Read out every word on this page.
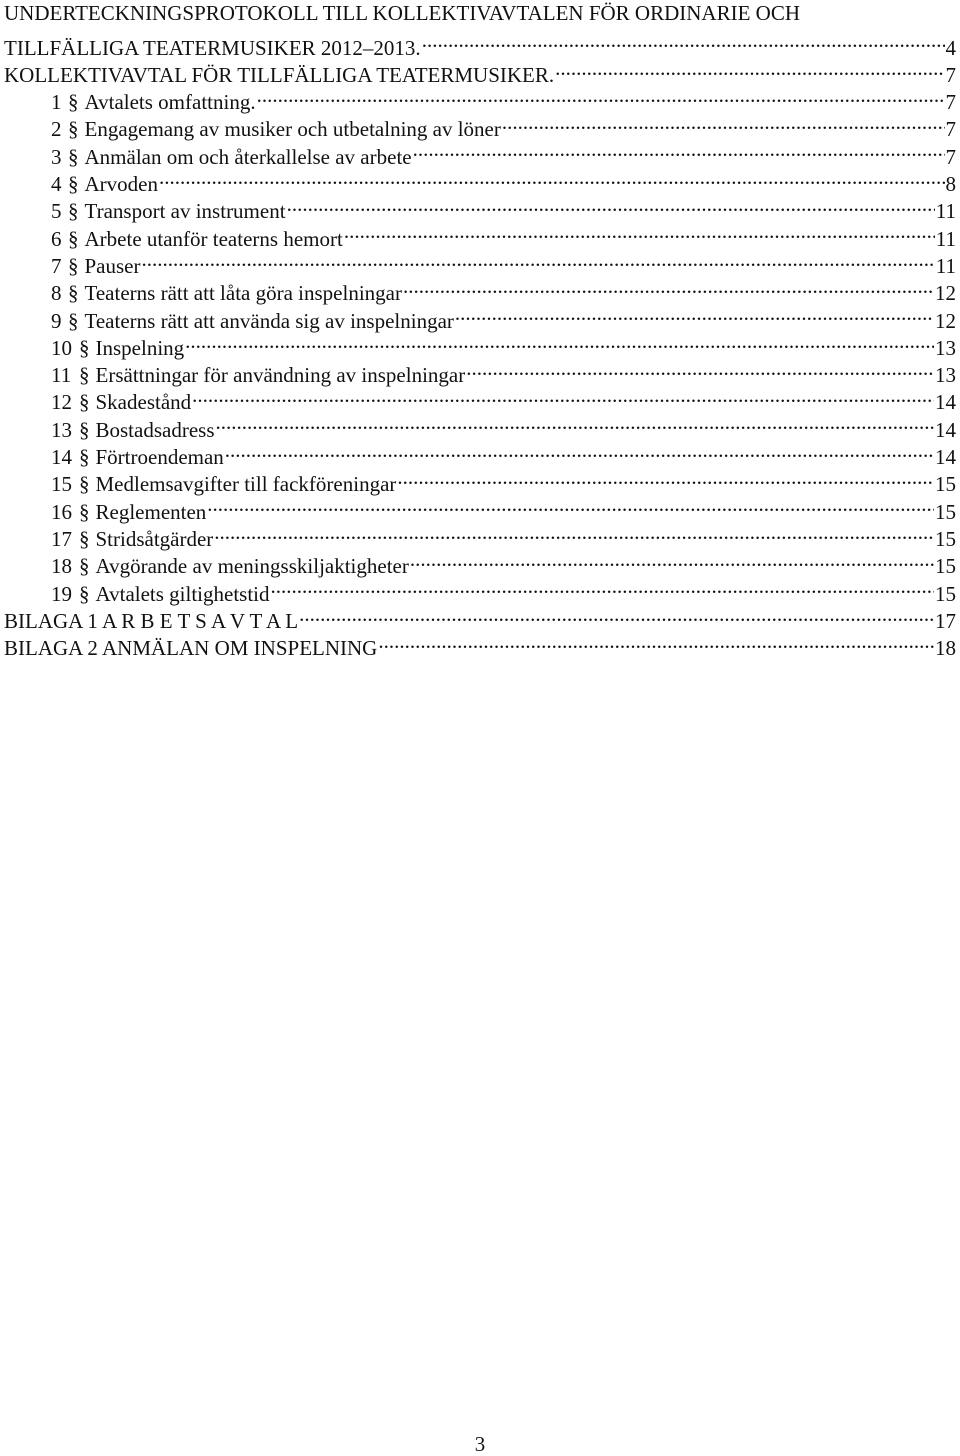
UNDERTECKNINGSPROTOKOLL TILL KOLLEKTIVAVTALEN FÖR ORDINARIE OCH
TILLFÄLLIGA TEATERMUSIKER 2012–2013. .....	4
KOLLEKTIVAVTAL FÖR TILLFÄLLIGA TEATERMUSIKER. .....	7
1 § Avtalets omfattning. .....	7
2 § Engagemang av musiker och utbetalning av löner .....	7
3 § Anmälan om och återkallelse av arbete .....	7
4 § Arvoden .....	8
5 § Transport av instrument .....	11
6 § Arbete utanför teaterns hemort .....	11
7 § Pauser .....	11
8 § Teaterns rätt att låta göra inspelningar .....	12
9 § Teaterns rätt att använda sig av inspelningar .....	12
10 § Inspelning .....	13
11 § Ersättningar för användning av inspelningar .....	13
12 § Skadestånd .....	14
13 § Bostadsadress .....	14
14 § Förtroendeman .....	14
15 § Medlemsavgifter till fackföreningar .....	15
16 § Reglementen .....	15
17 § Stridsåtgärder .....	15
18 § Avgörande av meningsskiljaktigheter .....	15
19 § Avtalets giltighetstid .....	15
BILAGA 1 A R B E T S A V T A L .....	17
BILAGA 2 ANMÄLAN OM INSPELNING .....	18
3
